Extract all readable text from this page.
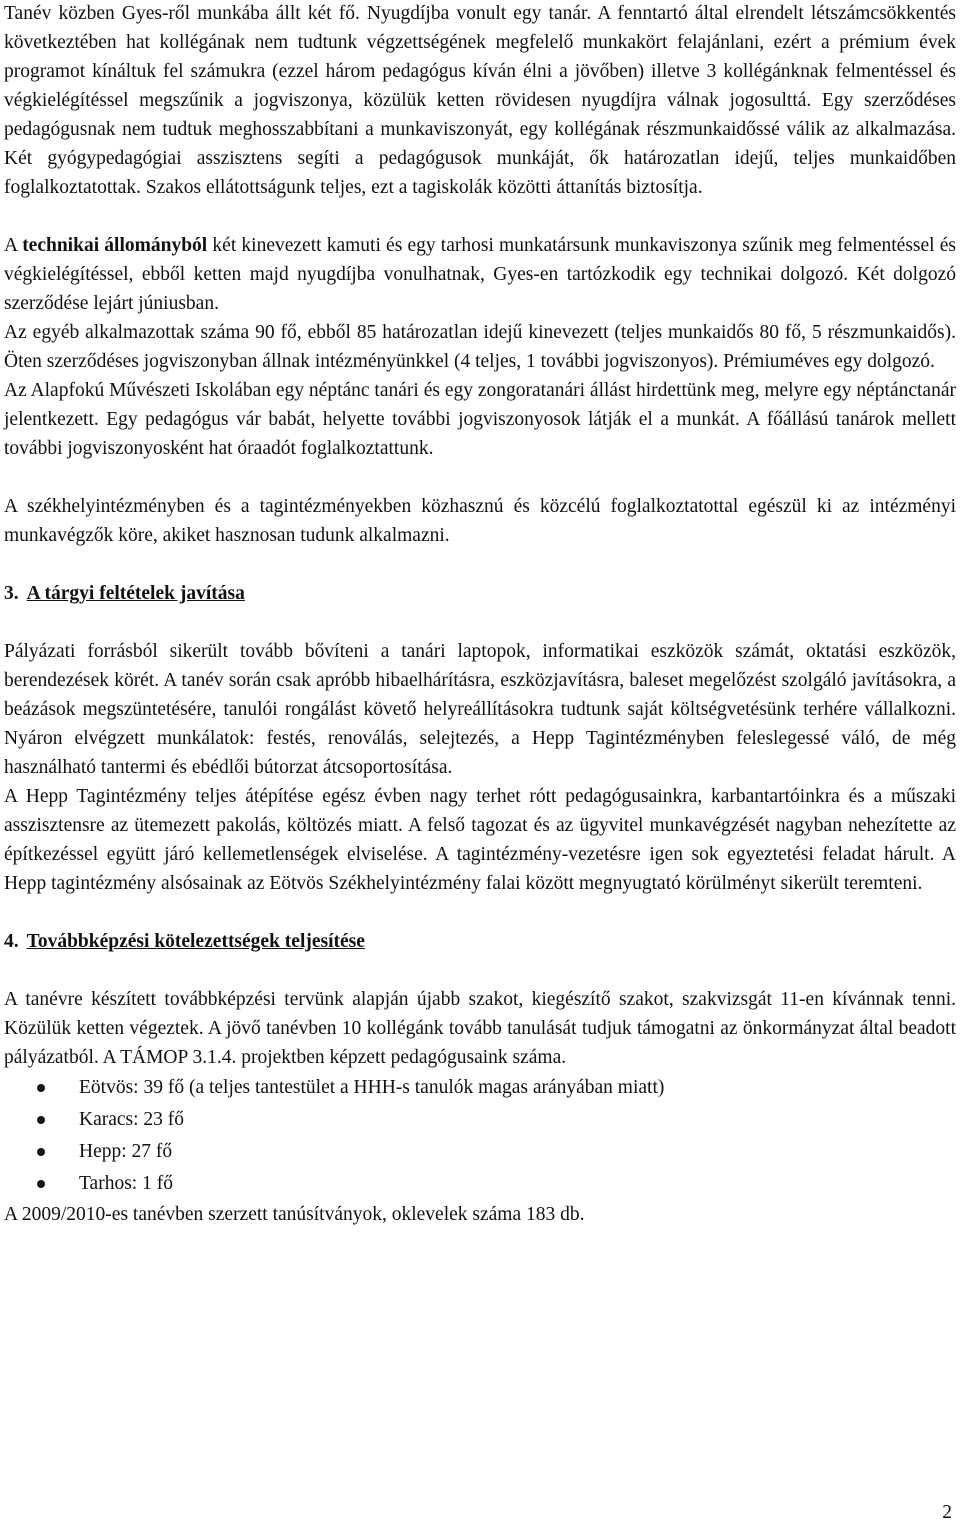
Tanév közben Gyes-ről munkába állt két fő. Nyugdíjba vonult egy tanár. A fenntartó által elrendelt létszámcsökkentés következtében hat kollégának nem tudtunk végzettségének megfelelő munkakört felajánlani, ezért a prémium évek programot kínáltuk fel számukra (ezzel három pedagógus kíván élni a jövőben) illetve 3 kollégánknak felmentéssel és végkielégítéssel megszűnik a jogviszonya, közülük ketten rövidesen nyugdíjra válnak jogosulttá. Egy szerződéses pedagógusnak nem tudtuk meghosszabbítani a munkaviszonyát, egy kollégának részmunkaidőssé válik az alkalmazása. Két gyógypedagógiai asszisztens segíti a pedagógusok munkáját, ők határozatlan idejű, teljes munkaidőben foglalkoztatottak. Szakos ellátottságunk teljes, ezt a tagiskolák közötti áttanítás biztosítja.

A technikai állományból két kinevezett kamuti és egy tarhosi munkatársunk munkaviszonya szűnik meg felmentéssel és végkielégítéssel, ebből ketten majd nyugdíjba vonulhatnak, Gyes-en tartózkodik egy technikai dolgozó. Két dolgozó szerződése lejárt júniusban.

Az egyéb alkalmazottak száma 90 fő, ebből 85 határozatlan idejű kinevezett (teljes munkaidős 80 fő, 5 részmunkaidős). Öten szerződéses jogviszonyban állnak intézményünkkel (4 teljes, 1 további jogviszonyos). Prémiuméves egy dolgozó.

Az Alapfokú Művészeti Iskolában egy néptánc tanári és egy zongoratanári állást hirdettünk meg, melyre egy néptánctanár jelentkezett. Egy pedagógus vár babát, helyette további jogviszonyosok látják el a munkát. A főállású tanárok mellett további jogviszonyosként hat óraadót foglalkoztattunk.

A székhelyintézményben és a tagintézményekben közhasznú és közcélú foglalkoztatottal egészül ki az intézményi munkavégzők köre, akiket hasznosan tudunk alkalmazni.

3. A tárgyi feltételek javítása

Pályázati forrásból sikerült tovább bővíteni a tanári laptopok, informatikai eszközök számát, oktatási eszközök, berendezések körét. A tanév során csak apróbb hibaelhárításra, eszközjavításra, baleset megelőzést szolgáló javításokra, a beázások megszüntetésére, tanulói rongálást követő helyreállításokra tudtunk saját költségvetésünk terhére vállalkozni. Nyáron elvégzett munkálatok: festés, renoválás, selejtezés, a Hepp Tagintézményben feleslegessé váló, de még használható tantermi és ebédlői bútorzat átcsoportosítása.

A Hepp Tagintézmény teljes átépítése egész évben nagy terhet rótt pedagógusainkra, karbantartóinkra és a műszaki asszisztensre az ütemezett pakolás, költözés miatt. A felső tagozat és az ügyvitel munkavégzését nagyban nehezítette az építkezéssel együtt járó kellemetlenségek elviselése. A tagintézmény-vezetésre igen sok egyeztetési feladat hárult. A Hepp tagintézmény alsósainak az Eötvös Székhelyintézmény falai között megnyugtató körülményt sikerült teremteni.

4. Továbbképzési kötelezettségek teljesítése

A tanévre készített továbbképzési tervünk alapján újabb szakot, kiegészítő szakot, szakvizsgát 11-en kívánnak tenni. Közülük ketten végeztek. A jövő tanévben 10 kollégánk tovább tanulását tudjuk támogatni az önkormányzat által beadott pályázatból. A TÁMOP 3.1.4. projektben képzett pedagógusaink száma.

Eötvös: 39 fő (a teljes tantestület a HHH-s tanulók magas arányában miatt)
Karacs: 23 fő
Hepp: 27 fő
Tarhos: 1 fő

A 2009/2010-es tanévben szerzett tanúsítványok, oklevelek száma 183 db.

2
